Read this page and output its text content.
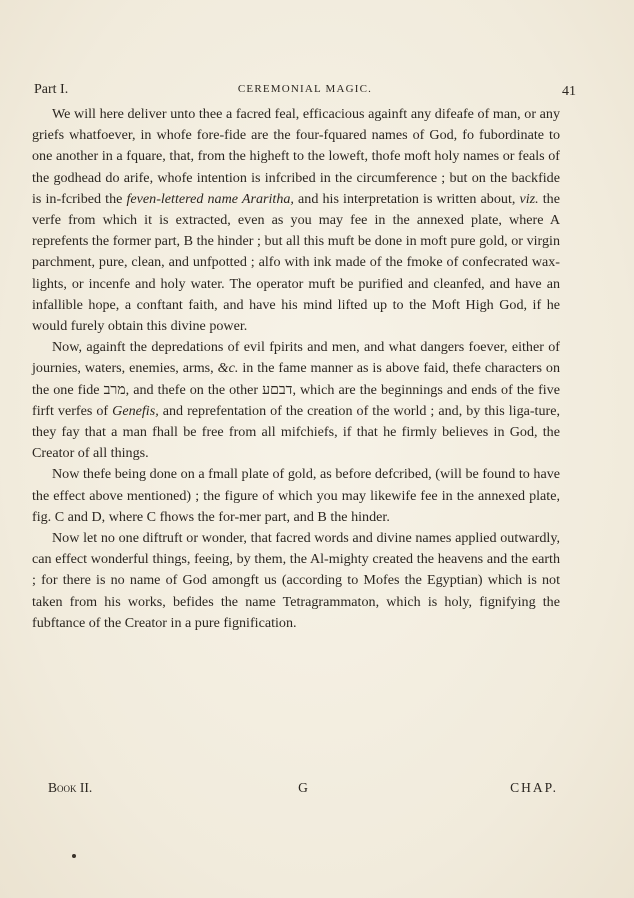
Part I.	CEREMONIAL MAGIC.	41

We will here deliver unto thee a facred feal, efficacious againft any difeafe of man, or any griefs whatfoever, in whofe fore-fide are the four-fquared names of God, fo fubordinate to one another in a fquare, that, from the higheft to the loweft, thofe moft holy names or feals of the godhead do arife, whofe intention is infcribed in the circumference ; but on the backfide is in-fcribed the feven-lettered name Araritha, and his interpretation is written about, viz. the verfe from which it is extracted, even as you may fee in the annexed plate, where A reprefents the former part, B the hinder ; but all this muft be done in moft pure gold, or virgin parchment, pure, clean, and unfpotted ; alfo with ink made of the fmoke of confecrated wax-lights, or incenfe and holy water. The operator muft be purified and cleanfed, and have an infallible hope, a conftant faith, and have his mind lifted up to the Moft High God, if he would furely obtain this divine power.

Now, againft the depredations of evil fpirits and men, and what dangers foever, either of journies, waters, enemies, arms, &c. in the fame manner as is above faid, thefe characters on the one fide מרב, and thefe on the other דבםע, which are the beginnings and ends of the five firft verfes of Genefis, and reprefentation of the creation of the world ; and, by this liga-ture, they fay that a man fhall be free from all mifchiefs, if that he firmly believes in God, the Creator of all things.

Now thefe being done on a fmall plate of gold, as before defcribed, (will be found to have the effect above mentioned) ; the figure of which you may likewife fee in the annexed plate, fig. C and D, where C fhows the for-mer part, and B the hinder.

Now let no one diftruft or wonder, that facred words and divine names applied outwardly, can effect wonderful things, feeing, by them, the Al-mighty created the heavens and the earth ; for there is no name of God amongft us (according to Mofes the Egyptian) which is not taken from his works, befides the name Tetragrammaton, which is holy, fignifying the fubftance of the Creator in a pure fignification.

Book II.	G	CHAP.
